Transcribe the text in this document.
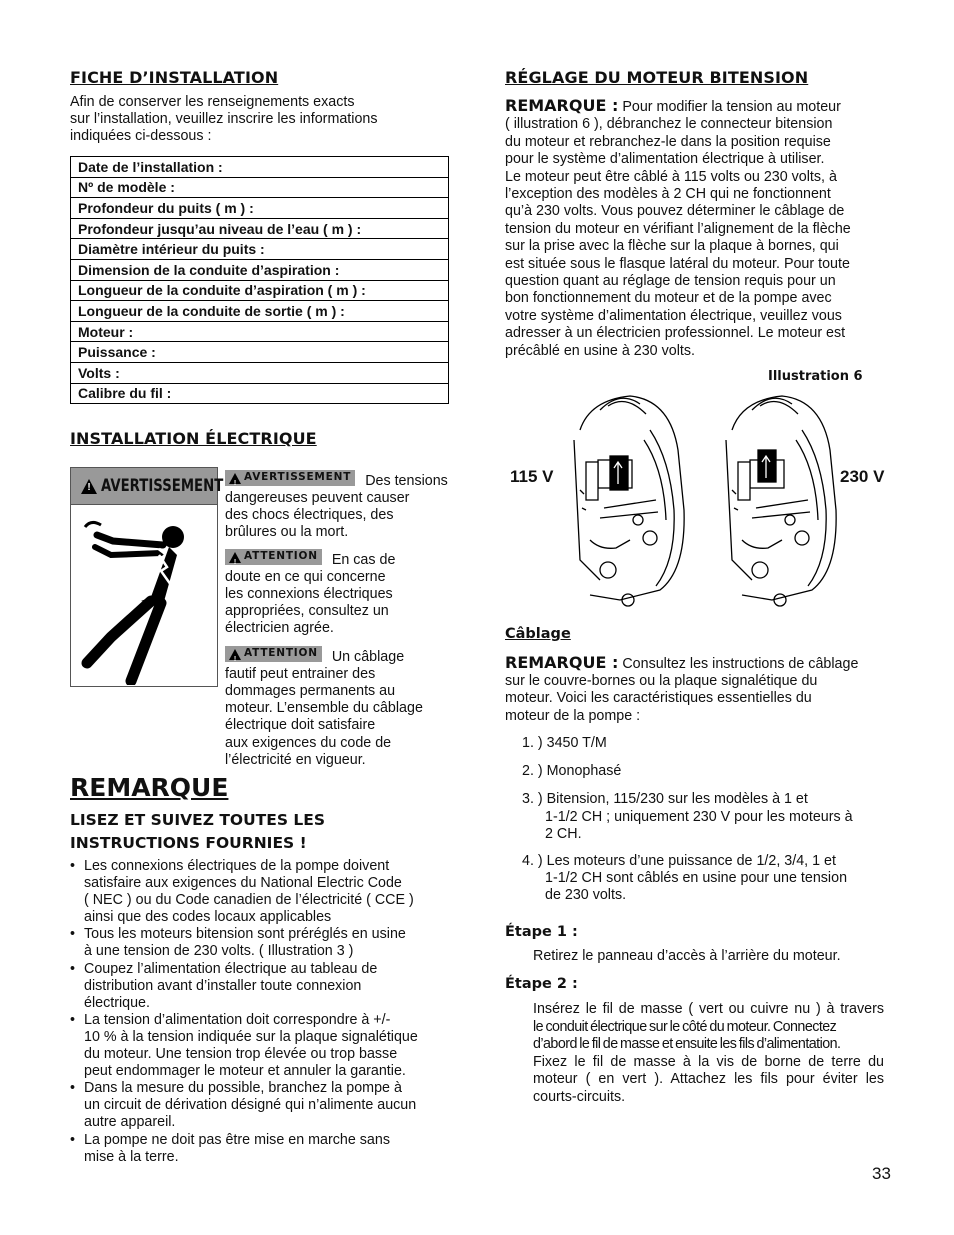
FICHE D’INSTALLATION
Afin de conserver les renseignements exacts
sur l’installation, veuillez inscrire les informations
indiquées ci-dessous :
Date de l’installation :
Nº de modèle :
Profondeur du puits ( m ) :
Profondeur jusqu’au niveau de l’eau ( m ) :
Diamètre intérieur du puits :
Dimension de la conduite d’aspiration :
Longueur de la conduite d’aspiration ( m ) :
Longueur de la conduite de sortie ( m ) :
Moteur :
Puissance :
Volts :
Calibre du fil :
INSTALLATION ÉLECTRIQUE
! AVERTISSEMENT ! AVERTISSEMENT Des tensions
dangereuses peuvent causer
des chocs électriques, des
brûlures ou la mort.
! ATTENTION En cas de
doute en ce qui concerne
les connexions électriques
appropriées, consultez un
électricien agrée.
! ATTENTION Un câblage
fautif peut entrainer des
dommages permanents au
moteur. L’ensemble du câblage
électrique doit satisfaire
aux exigences du code de
l’électricité en vigueur.
REMARQUE
LISEZ ET SUIVEZ TOUTES LES
INSTRUCTIONS FOURNIES !
• Les connexions électriques de la pompe doivent
satisfaire aux exigences du National Electric Code
( NEC ) ou du Code canadien de l’électricité ( CCE )
ainsi que des codes locaux applicables
• Tous les moteurs bitension sont préréglés en usine
à une tension de 230 volts. ( Illustration 3 )
• Coupez l’alimentation électrique au tableau de
distribution avant d’installer toute connexion
électrique.
• La tension d’alimentation doit correspondre à +/-
10 % à la tension indiquée sur la plaque signalétique
du moteur. Une tension trop élevée ou trop basse
peut endommager le moteur et annuler la garantie.
• Dans la mesure du possible, branchez la pompe à
un circuit de dérivation désigné qui n’alimente aucun
autre appareil.
• La pompe ne doit pas être mise en marche sans
mise à la terre.
RÉGLAGE DU MOTEUR BITENSION
REMARQUE : Pour modifier la tension au moteur
( illustration 6 ), débranchez le connecteur bitension
du moteur et rebranchez-le dans la position requise
pour le système d’alimentation électrique à utiliser.
Le moteur peut être câblé à 115 volts ou 230 volts, à
l’exception des modèles à 2 CH qui ne fonctionnent
qu’à 230 volts. Vous pouvez déterminer le câblage de
tension du moteur en vérifiant l’alignement de la flèche
sur la prise avec la flèche sur la plaque à bornes, qui
est située sous le flasque latéral du moteur. Pour toute
question quant au réglage de tension requis pour un
bon fonctionnement du moteur et de la pompe avec
votre système d’alimentation électrique, veuillez vous
adresser à un électricien professionnel. Le moteur est
précâblé en usine à 230 volts.
Illustration 6
115 V	230 V
Câblage
REMARQUE : Consultez les instructions de câblage
sur le couvre-bornes ou la plaque signalétique du
moteur. Voici les caractéristiques essentielles du
moteur de la pompe :
1. ) 3450 T/M
2. ) Monophasé
3. ) Bitension, 115/230 sur les modèles à 1 et
1-1/2 CH ; uniquement 230 V pour les moteurs à
2 CH.
4. ) Les moteurs d’une puissance de 1/2, 3/4, 1 et
1-1/2 CH sont câblés en usine pour une tension
de 230 volts.
Étape 1 :
Retirez le panneau d’accès à l’arrière du moteur.
Étape 2 :
Insérez le fil de masse ( vert ou cuivre nu ) à travers
le conduit électrique sur le côté du moteur. Connectez
d’abord le fil de masse et ensuite les fils d’alimentation.
Fixez le fil de masse à la vis de borne de terre du
moteur ( en vert ). Attachez les fils pour éviter les
courts-circuits.
33
